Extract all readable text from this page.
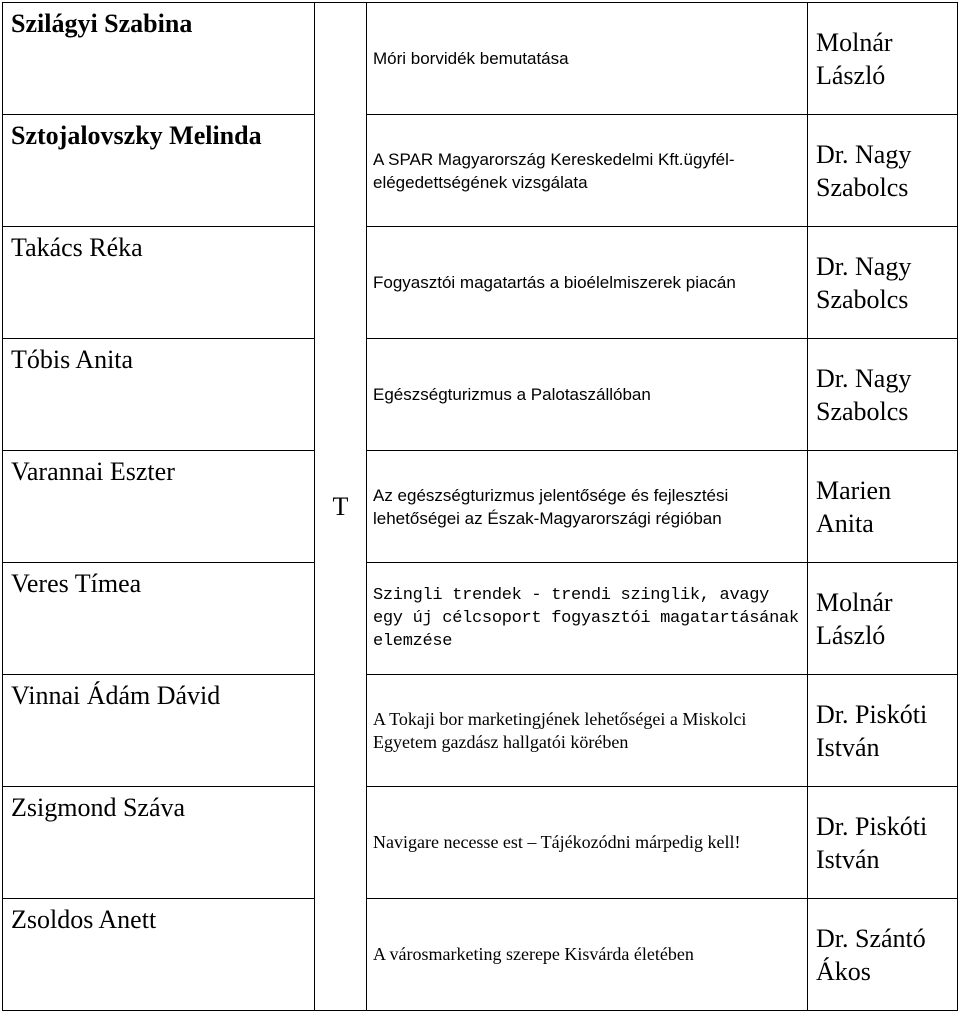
Szilágyi Szabina	T	Móri borvidék bemutatása	Molnár
László

Sztojalovszky Melinda		A SPAR Magyarország Kereskedelmi Kft.ügyfél-elégedettségének vizsgálata	Dr. Nagy
Szabolcs

Takács Réka		Fogyasztói magatartás a bioélelmiszerek piacán	Dr. Nagy
Szabolcs

Tóbis Anita		Egészségturizmus a Palotaszállóban	Dr. Nagy
Szabolcs

Varannai Eszter		Az egészségturizmus jelentősége és fejlesztési lehetőségei az Észak-Magyarországi régióban	Marien
Anita

Veres Tímea		Szingli trendek - trendi szinglik, avagy egy új célcsoport fogyasztói magatartásának elemzése	Molnár
László

Vinnai Ádám Dávid		A Tokaji bor marketingjének lehetőségei a Miskolci Egyetem gazdász hallgatói körében	Dr. Piskóti
István

Zsigmond Száva		Navigare necesse est – Tájékozódni márpedig kell!	Dr. Piskóti
István

Zsoldos Anett		A városmarketing szerepe Kisvárda életében	Dr. Szántó
Ákos
